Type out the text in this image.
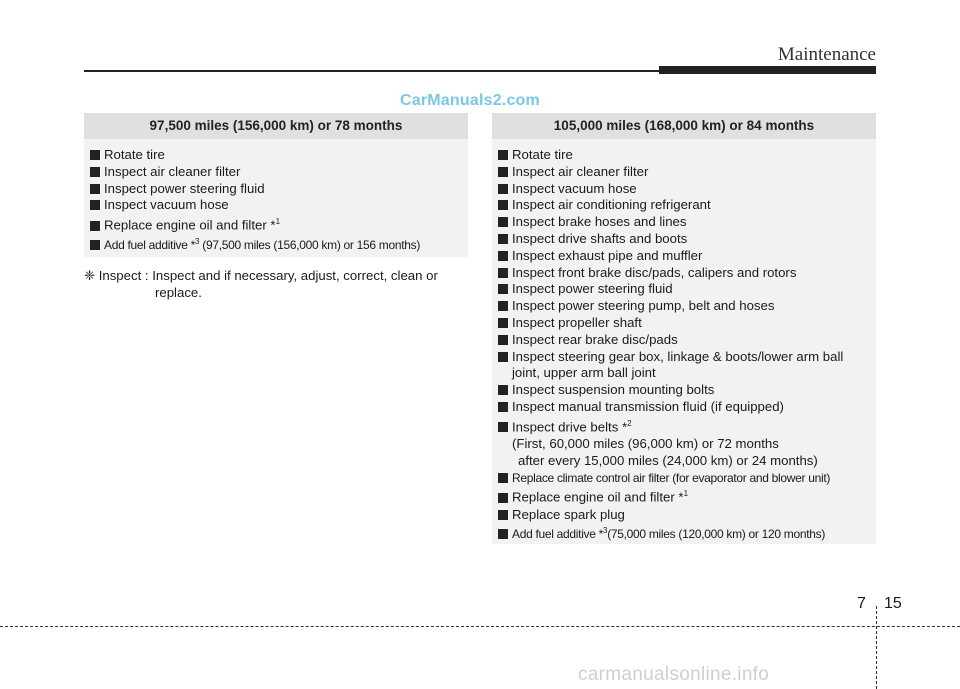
Maintenance
CarManuals2.com
97,500 miles (156,000 km) or 78 months
Rotate tire
Inspect air cleaner filter
Inspect power steering fluid
Inspect vacuum hose
Replace engine oil and filter *$^1$
Add fuel additive *$^3$ (97,500 miles (156,000 km) or 156 months)
❈ Inspect : Inspect and if necessary, adjust, correct, clean or
replace.
105,000 miles (168,000 km) or 84 months
Rotate tire
Inspect air cleaner filter
Inspect vacuum hose
Inspect air conditioning refrigerant
Inspect brake hoses and lines
Inspect drive shafts and boots
Inspect exhaust pipe and muffler
Inspect front brake disc/pads, calipers and rotors
Inspect power steering fluid
Inspect power steering pump, belt and hoses
Inspect propeller shaft
Inspect rear brake disc/pads
Inspect steering gear box, linkage & boots/lower arm ball
joint, upper arm ball joint
Inspect suspension mounting bolts
Inspect manual transmission fluid (if equipped)
Inspect drive belts *$^2$
(First, 60,000 miles (96,000 km) or 72 months
after every 15,000 miles (24,000 km) or 24 months)
Replace climate control air filter (for evaporator and blower unit)
Replace engine oil and filter *$^1$
Replace spark plug
Add fuel additive *$^3$(75,000 miles (120,000 km) or 120 months)
7 15
carmanualsonline.info
